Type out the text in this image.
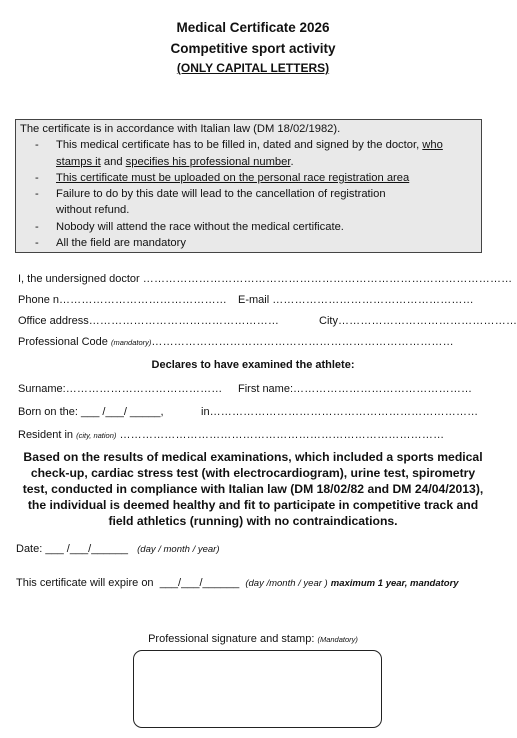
Medical Certificate 2026
Competitive sport activity
(ONLY CAPITAL LETTERS)
The certificate is in accordance with Italian law (DM 18/02/1982).
- This medical certificate has to be filled in, dated and signed by the doctor, who stamps it and specifies his professional number.
- This certificate must be uploaded on the personal race registration area
- Failure to do by this date will lead to the cancellation of registration
without refund.
- Nobody will attend the race without the medical certificate.
- All the field are mandatory
I, the undersigned doctor ………………………………………………………………………………………
Phone n………………………………………	E-mail ………………………………………………
Office address……………………………………………	City…………………………………………
Professional Code (mandatory)………………………………………………………………………
Declares to have examined the athlete:
Surname:……………………………………	First name:…………………………………………
Born on the: ___ /___/ _____,	in………………………………………………………………
Resident in (city, nation) ……………………………………………………………………………
Based on the results of medical examinations, which included a sports medical check-up, cardiac stress test (with electrocardiogram), urine test, spirometry test, conducted in compliance with Italian law (DM 18/02/82 and DM 24/04/2013), the individual is deemed healthy and fit to participate in competitive track and field athletics (running) with no contraindications.
Date: ___ /___/______ (day / month / year)
This certificate will expire on ___/___/______ (day /month / year ) maximum 1 year, mandatory
Professional signature and stamp: (Mandatory)
